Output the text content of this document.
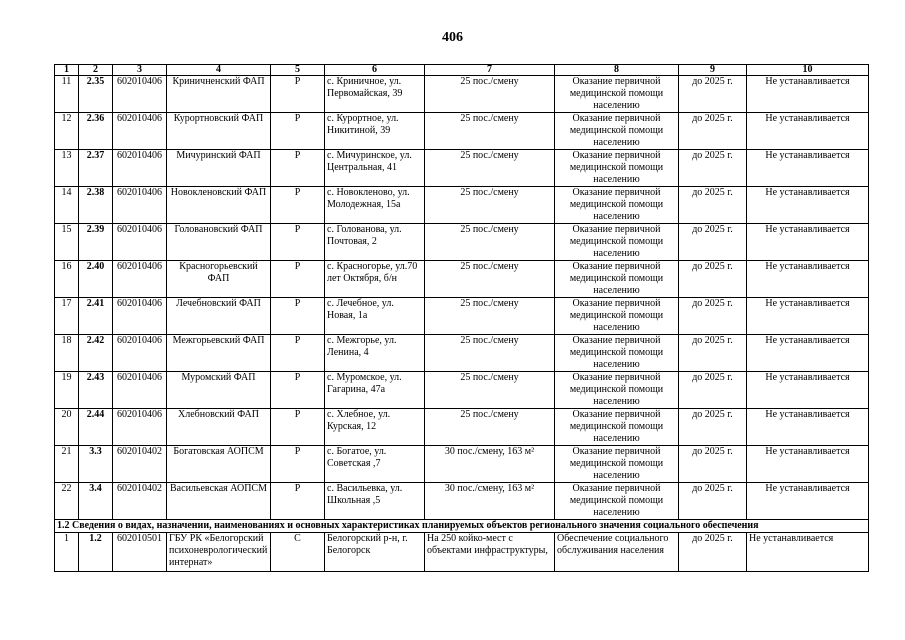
406
1	2	3	4	5	6	7	8	9	10
11	2.35	602010406	Криничненский ФАП	Р	с. Криничное, ул. Первомайская, 39	25 пос./смену	Оказание первичной медицинской помощи населению	до 2025 г.	Не устанавливается
12	2.36	602010406	Курортновский ФАП	Р	с. Курортное, ул. Никитиной, 39	25 пос./смену	Оказание первичной медицинской помощи населению	до 2025 г.	Не устанавливается
13	2.37	602010406	Мичуринский ФАП	Р	с. Мичуринское, ул. Центральная, 41	25 пос./смену	Оказание первичной медицинской помощи населению	до 2025 г.	Не устанавливается
14	2.38	602010406	Новокленовский ФАП	Р	с. Новокленово, ул. Молодежная, 15а	25 пос./смену	Оказание первичной медицинской помощи населению	до 2025 г.	Не устанавливается
15	2.39	602010406	Головановский ФАП	Р	с. Голованова, ул. Почтовая, 2	25 пос./смену	Оказание первичной медицинской помощи населению	до 2025 г.	Не устанавливается
16	2.40	602010406	Красногорьевский ФАП	Р	с. Красногорье, ул.70 лет Октября, б/н	25 пос./смену	Оказание первичной медицинской помощи населению	до 2025 г.	Не устанавливается
17	2.41	602010406	Лечебновский ФАП	Р	с. Лечебное, ул. Новая, 1а	25 пос./смену	Оказание первичной медицинской помощи населению	до 2025 г.	Не устанавливается
18	2.42	602010406	Межгорьевский ФАП	Р	с. Межгорье, ул. Ленина, 4	25 пос./смену	Оказание первичной медицинской помощи населению	до 2025 г.	Не устанавливается
19	2.43	602010406	Муромский ФАП	Р	с. Муромское, ул. Гагарина, 47а	25 пос./смену	Оказание первичной медицинской помощи населению	до 2025 г.	Не устанавливается
20	2.44	602010406	Хлебновский ФАП	Р	с. Хлебное, ул. Курская, 12	25 пос./смену	Оказание первичной медицинской помощи населению	до 2025 г.	Не устанавливается
21	3.3	602010402	Богатовская АОПСМ	Р	с. Богатое, ул. Советская ,7	30 пос./смену, 163 м²	Оказание первичной медицинской помощи населению	до 2025 г.	Не устанавливается
22	3.4	602010402	Васильевская АОПСМ	Р	с. Васильевка, ул. Школьная ,5	30 пос./смену, 163 м²	Оказание первичной медицинской помощи населению	до 2025 г.	Не устанавливается
1.2 Сведения о видах, назначении, наименованиях и основных характеристиках планируемых объектов регионального значения социального обеспечения									
1	1.2	602010501	ГБУ РК «Белогорский психоневрологический интернат»	С	Белогорский р-н, г. Белогорск	На 250 койко-мест с объектами инфраструктуры,	Обеспечение социального обслуживания населения	до 2025 г.	Не устанавливается
